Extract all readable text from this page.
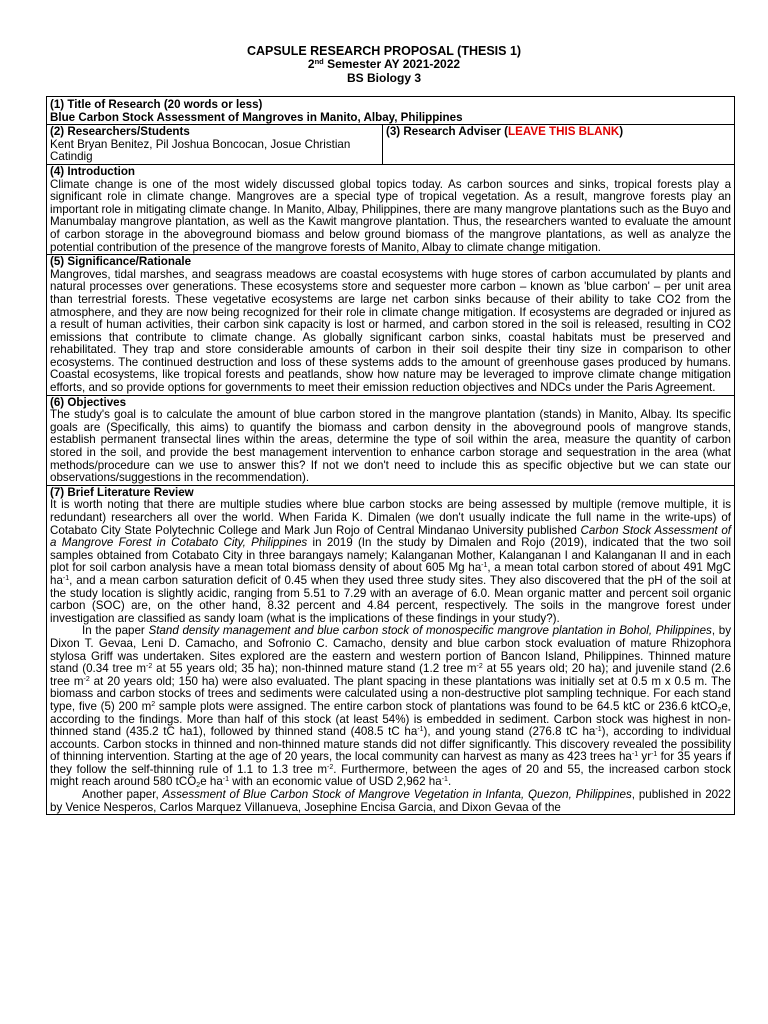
CAPSULE RESEARCH PROPOSAL (THESIS 1)
2nd Semester AY 2021-2022
BS Biology 3
(1) Title of Research (20 words or less)
Blue Carbon Stock Assessment of Mangroves in Manito, Albay, Philippines

(2) Researchers/Students
Kent Bryan Benitez, Pil Joshua Boncocan, Josue Christian Catindig

(3) Research Adviser (LEAVE THIS BLANK)

(4) Introduction
Climate change is one of the most widely discussed global topics today. As carbon sources and sinks, tropical forests play a significant role in climate change. Mangroves are a special type of tropical vegetation. As a result, mangrove forests play an important role in mitigating climate change. In Manito, Albay, Philippines, there are many mangrove plantations such as the Buyo and Manumbalay mangrove plantation, as well as the Kawit mangrove plantation. Thus, the researchers wanted to evaluate the amount of carbon storage in the aboveground biomass and below ground biomass of the mangrove plantations, as well as analyze the potential contribution of the presence of the mangrove forests of Manito, Albay to climate change mitigation.

(5) Significance/Rationale
Mangroves, tidal marshes, and seagrass meadows are coastal ecosystems with huge stores of carbon accumulated by plants and natural processes over generations. These ecosystems store and sequester more carbon – known as 'blue carbon' – per unit area than terrestrial forests. These vegetative ecosystems are large net carbon sinks because of their ability to take CO2 from the atmosphere, and they are now being recognized for their role in climate change mitigation. If ecosystems are degraded or injured as a result of human activities, their carbon sink capacity is lost or harmed, and carbon stored in the soil is released, resulting in CO2 emissions that contribute to climate change. As globally significant carbon sinks, coastal habitats must be preserved and rehabilitated. They trap and store considerable amounts of carbon in their soil despite their tiny size in comparison to other ecosystems. The continued destruction and loss of these systems adds to the amount of greenhouse gases produced by humans. Coastal ecosystems, like tropical forests and peatlands, show how nature may be leveraged to improve climate change mitigation efforts, and so provide options for governments to meet their emission reduction objectives and NDCs under the Paris Agreement.

(6) Objectives
The study's goal is to calculate the amount of blue carbon stored in the mangrove plantation (stands) in Manito, Albay. Its specific goals are (Specifically, this aims) to quantify the biomass and carbon density in the aboveground pools of mangrove stands, establish permanent transectal lines within the areas, determine the type of soil within the area, measure the quantity of carbon stored in the soil, and provide the best management intervention to enhance carbon storage and sequestration in the area (what methods/procedure can we use to answer this? If not we don't need to include this as specific objective but we can state our observations/suggestions in the recommendation).

(7) Brief Literature Review

It is worth noting that there are multiple studies where blue carbon stocks are being assessed by multiple (remove multiple, it is redundant) researchers all over the world. When Farida K. Dimalen (we don't usually indicate the full name in the write-ups) of Cotabato City State Polytechnic College and Mark Jun Rojo of Central Mindanao University published Carbon Stock Assessment of a Mangrove Forest in Cotabato City, Philippines in 2019 (In the study by Dimalen and Rojo (2019), indicated that the two soil samples obtained from Cotabato City in three barangays namely; Kalanganan Mother, Kalanganan I and Kalanganan II and in each plot for soil carbon analysis have a mean total biomass density of about 605 Mg $ha^{-1}$, a mean total carbon stored of about 491 MgC $ha^{-1}$, and a mean carbon saturation deficit of 0.45 when they used three study sites. They also discovered that the pH of the soil at the study location is slightly acidic, ranging from 5.51 to 7.29 with an average of 6.0. Mean organic matter and percent soil organic carbon (SOC) are, on the other hand, 8.32 percent and 4.84 percent, respectively. The soils in the mangrove forest under investigation are classified as sandy loam (what is the implications of these findings in your study?).

In the paper Stand density management and blue carbon stock of monospecific mangrove plantation in Bohol, Philippines, by Dixon T. Gevaa, Leni D. Camacho, and Sofronio C. Camacho, density and blue carbon stock evaluation of mature Rhizophora stylosa Griff was undertaken. Sites explored are the eastern and western portion of Bancon Island, Philippines. Thinned mature stand (0.34 tree $m^{-2}$ at 55 years old; 35 ha); non-thinned mature stand (1.2 tree $m^{-2}$ at 55 years old; 20 ha); and juvenile stand (2.6 tree $m^{-2}$ at 20 years old; 150 ha) were also evaluated. The plant spacing in these plantations was initially set at 0.5 m x 0.5 m. The biomass and carbon stocks of trees and sediments were calculated using a non-destructive plot sampling technique. For each stand type, five (5) 200 $m^2$ sample plots were assigned. The entire carbon stock of plantations was found to be 64.5 ktC or 236.6 ktCO$_2$e, according to the findings. More than half of this stock (at least 54%) is embedded in sediment. Carbon stock was highest in non-thinned stand (435.2 tC ha1), followed by thinned stand (408.5 tC $ha^{-1}$), and young stand (276.8 tC $ha^{-1}$), according to individual accounts. Carbon stocks in thinned and non-thinned mature stands did not differ significantly. This discovery revealed the possibility of thinning intervention. Starting at the age of 20 years, the local community can harvest as many as 423 trees $ha^{-1}$ $yr^{-1}$ for 35 years if they follow the self-thinning rule of 1.1 to 1.3 tree $m^{-2}$. Furthermore, between the ages of 20 and 55, the increased carbon stock might reach around 580 tCO$_2$e $ha^{-1}$ with an economic value of USD 2,962 $ha^{-1}$.

Another paper, Assessment of Blue Carbon Stock of Mangrove Vegetation in Infanta, Quezon, Philippines, published in 2022 by Venice Nesperos, Carlos Marquez Villanueva, Josephine Encisa Garcia, and Dixon Gevaa of the
